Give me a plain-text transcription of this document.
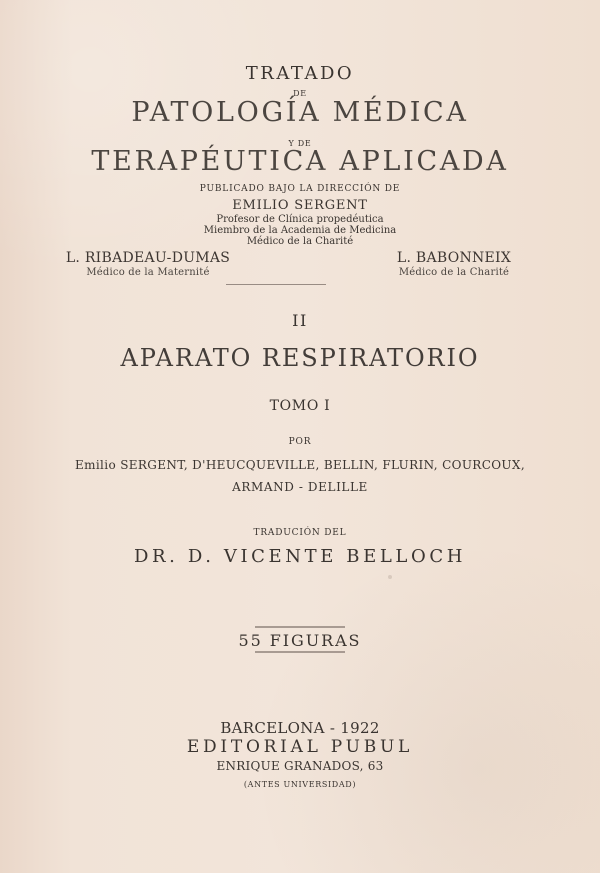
TRATADO
DE
PATOLOGÍA MÉDICA
Y DE
TERAPÉUTICA APLICADA
PUBLICADO BAJO LA DIRECCIÓN DE
EMILIO SERGENT
Profesor de Clínica propedéutica
Miembro de la Academia de Medicina
Médico de la Charité
L. RIBADEAU-DUMAS
Médico de la Maternité
L. BABONNEIX
Médico de la Charité
II
APARATO RESPIRATORIO
TOMO I
POR
Emilio SERGENT, D'HEUCQUEVILLE, BELLIN, FLURIN, COURCOUX,
ARMAND - DELILLE
TRADUCIÓN DEL
DR. D. VICENTE BELLOCH
55 FIGURAS
BARCELONA - 1922
EDITORIAL PUBUL
ENRIQUE GRANADOS, 63
(ANTES UNIVERSIDAD)
